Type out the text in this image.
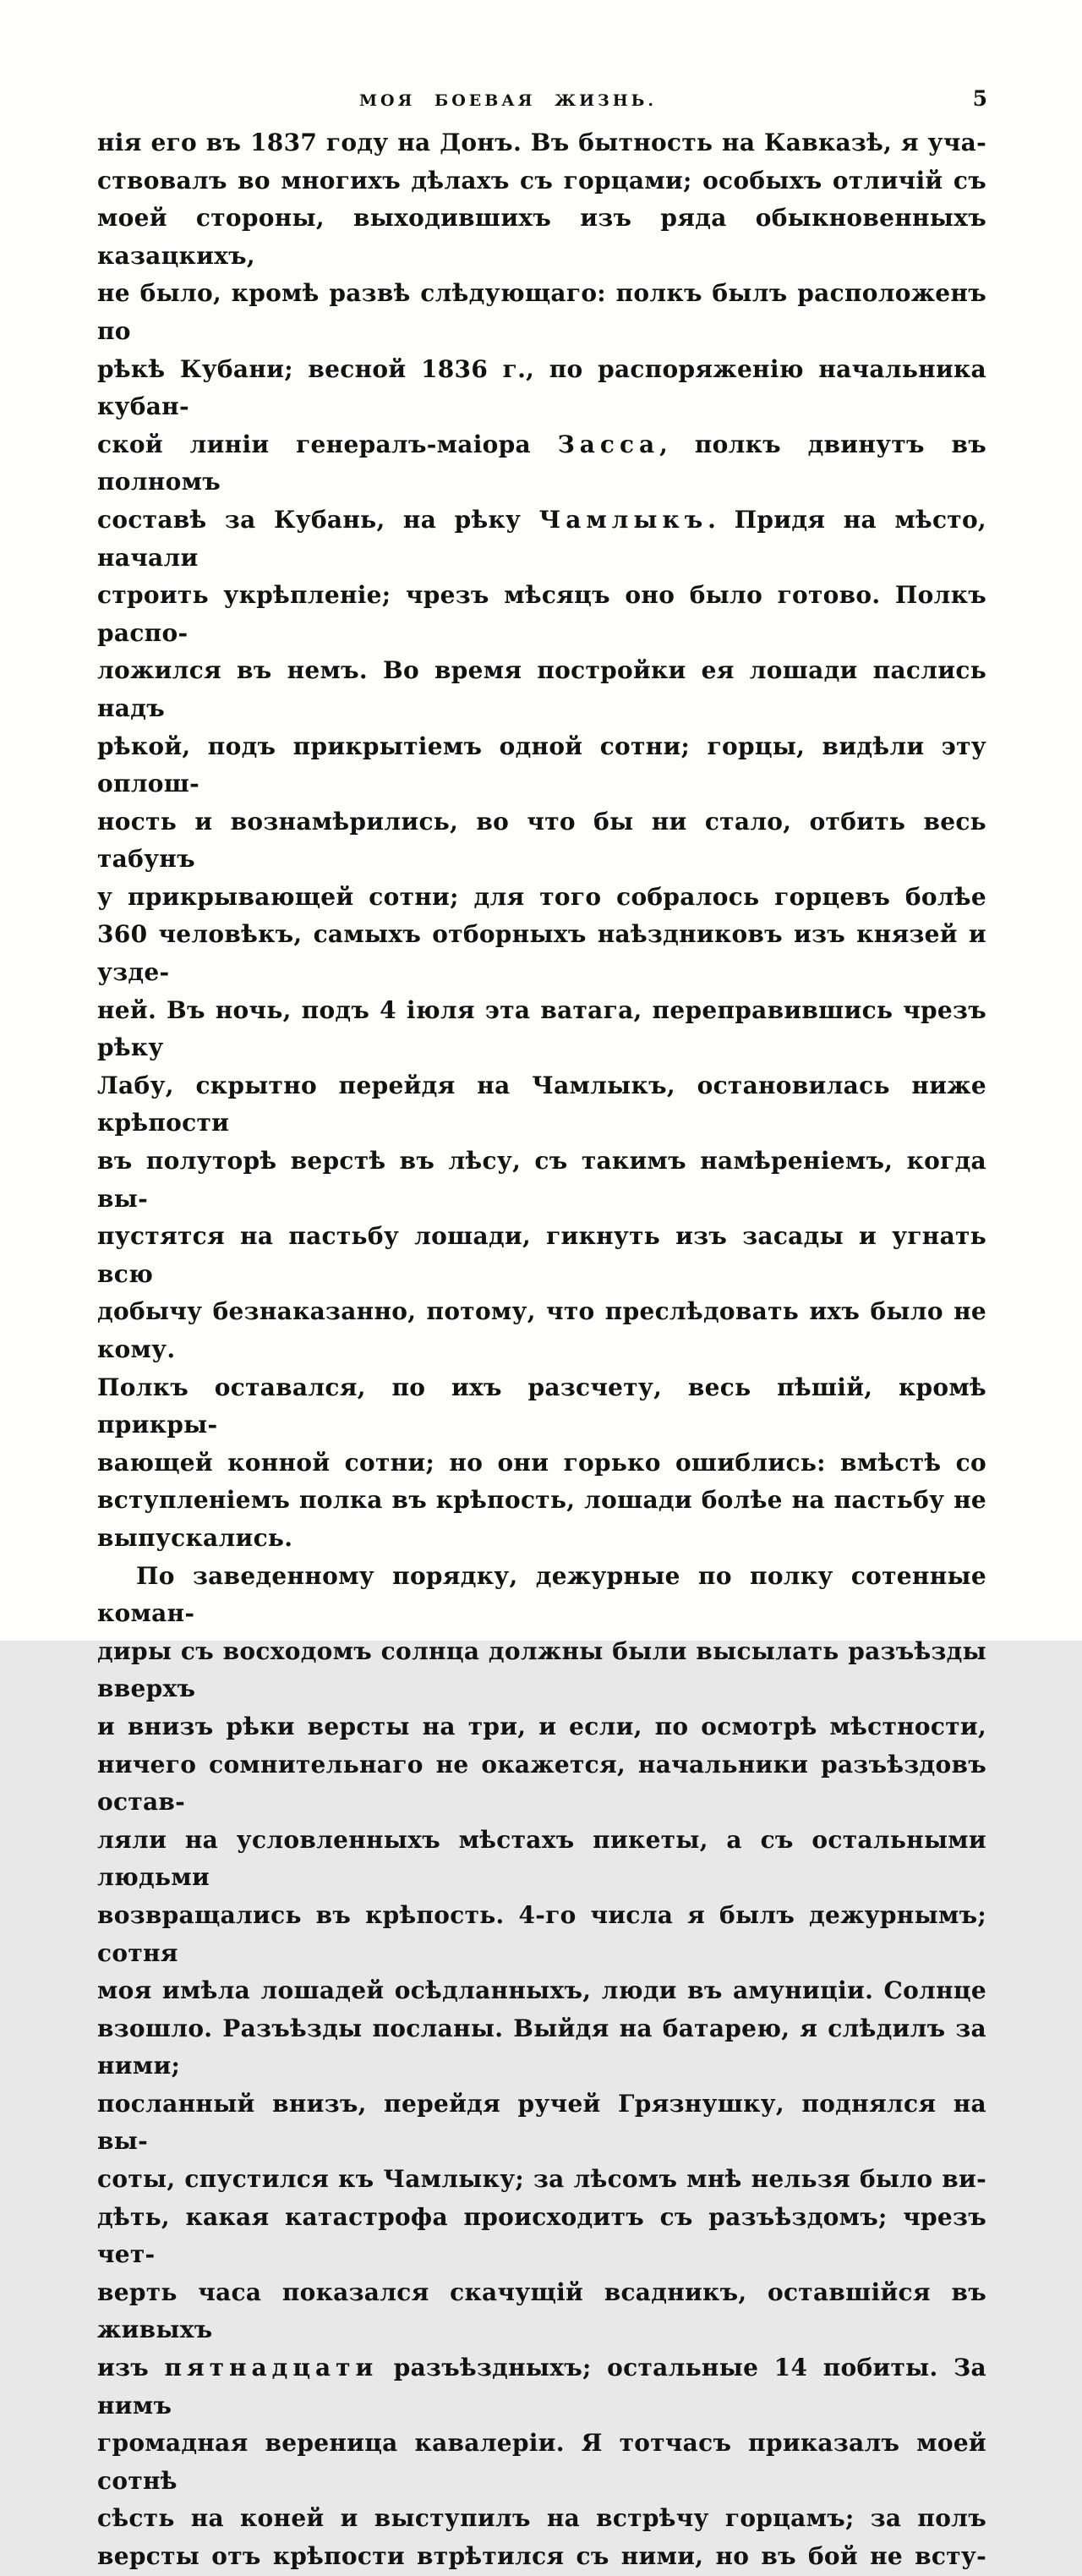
МОЯ БОЕВАЯ ЖИЗНЬ.	5
нія его въ 1837 году на Донъ. Въ бытность на Кавказѣ, я уча-
ствовалъ во многихъ дѣлахъ съ горцами; особыхъ отличій съ
моей стороны, выходившихъ изъ ряда обыкновенныхъ казацкихъ,
не было, кромѣ развѣ слѣдующаго: полкъ былъ расположенъ по
рѣкѣ Кубани; весной 1836 г., по распоряженію начальника кубан-
ской линіи генералъ-маіора Засса, полкъ двинутъ въ полномъ
составѣ за Кубань, на рѣку Чамлыкъ. Придя на мѣсто, начали
строить укрѣпленіе; чрезъ мѣсяцъ оно было готово. Полкъ распо-
ложился въ немъ. Во время постройки ея лошади паслись надъ
рѣкой, подъ прикрытіемъ одной сотни; горцы, видѣли эту оплош-
ность и вознамѣрились, во что бы ни стало, отбить весь табунъ
у прикрывающей сотни; для того собралось горцевъ болѣе
360 человѣкъ, самыхъ отборныхъ наѣздниковъ изъ князей и узде-
ней. Въ ночь, подъ 4 іюля эта ватага, переправившись чрезъ рѣку
Лабу, скрытно перейдя на Чамлыкъ, остановилась ниже крѣпости
въ полуторѣ верстѣ въ лѣсу, съ такимъ намѣреніемъ, когда вы-
пустятся на пастьбу лошади, гикнуть изъ засады и угнать всю
добычу безнаказанно, потому, что преслѣдовать ихъ было не кому.
Полкъ оставался, по ихъ разсчету, весь пѣшій, кромѣ прикры-
вающей конной сотни; но они горько ошиблись: вмѣстѣ со
вступленіемъ полка въ крѣпость, лошади болѣе на пастьбу не
выпускались.
По заведенному порядку, дежурные по полку сотенные коман-
диры съ восходомъ солнца должны были высылать разъѣзды вверхъ
и внизъ рѣки версты на три, и если, по осмотрѣ мѣстности,
ничего сомнительнаго не окажется, начальники разъѣздовъ остав-
ляли на условленныхъ мѣстахъ пикеты, а съ остальными людьми
возвращались въ крѣпость. 4-го числа я былъ дежурнымъ; сотня
моя имѣла лошадей осѣдланныхъ, люди въ амуниціи. Солнце
взошло. Разъѣзды посланы. Выйдя на батарею, я слѣдилъ за ними;
посланный внизъ, перейдя ручей Грязнушку, поднялся на вы-
соты, спустился къ Чамлыку; за лѣсомъ мнѣ нельзя было ви-
дѣть, какая катастрофа происходитъ съ разъѣздомъ; чрезъ чет-
верть часа показался скачущій всадникъ, оставшійся въ живыхъ
изъ пятнадцати разъѣздныхъ; остальные 14 побиты. За нимъ
громадная вереница кавалеріи. Я тотчасъ приказалъ моей сотнѣ
сѣсть на коней и выступилъ на встрѣчу горцамъ; за полъ
версты отъ крѣпости втрѣтился съ ними, но въ бой не всту-
